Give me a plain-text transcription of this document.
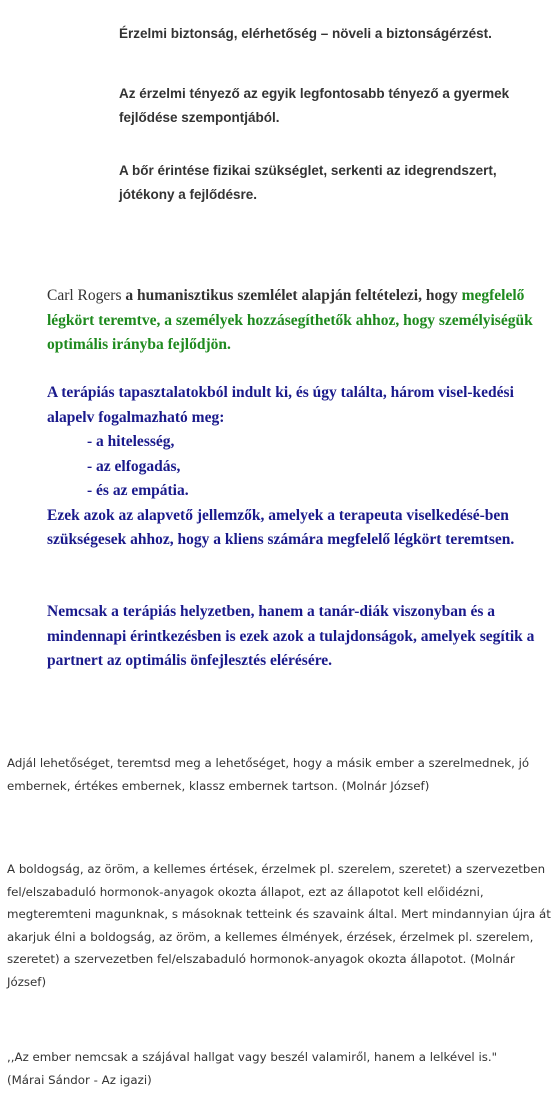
Érzelmi biztonság, elérhetőség – növeli a biztonságérzést.

Az érzelmi tényező az egyik legfontosabb tényező a gyermek fejlődése szempontjából.

A bőr érintése fizikai szükséglet, serkenti az idegrendszert, jótékony a fejlődésre.

Carl Rogers a humanisztikus szemlélet alapján feltételezi, hogy megfelelő légkört teremtve, a személyek hozzásegíthetők ahhoz, hogy személyiségük optimális irányba fejlődjön.

A terápiás tapasztalatokból indult ki, és úgy találta, három visel-kedési alapelv fogalmazható meg:
- a hitelesség,
- az elfogadás,
- és az empátia.
Ezek azok az alapvető jellemzők, amelyek a terapeuta viselkedésé-ben szükségesek ahhoz, hogy a kliens számára megfelelő légkört teremtsen.

Nemcsak a terápiás helyzetben, hanem a tanár-diák viszonyban és a mindennapi érintkezésben is ezek azok a tulajdonságok, amelyek segítik a partnert az optimális önfejlesztés elérésére.

Adjál lehetőséget, teremtsd meg a lehetőséget, hogy a másik ember a szerelmednek, jó embernek, értékes embernek, klassz embernek tartson. (Molnár József)

A boldogság, az öröm, a kellemes értések, érzelmek pl. szerelem, szeretet) a szervezetben fel/elszabaduló hormonok-anyagok okozta állapot, ezt az állapotot kell előidézni, megteremteni magunknak, s másoknak tetteink és szavaink által. Mert mindannyian újra át akarjuk élni a boldogság, az öröm, a kellemes élmények, érzések, érzelmek pl. szerelem, szeretet) a szervezetben fel/elszabaduló hormonok-anyagok okozta állapotot. (Molnár József)

,,Az ember nemcsak a szájával hallgat vagy beszél valamiről, hanem a lelkével is."
(Márai Sándor - Az igazi)
